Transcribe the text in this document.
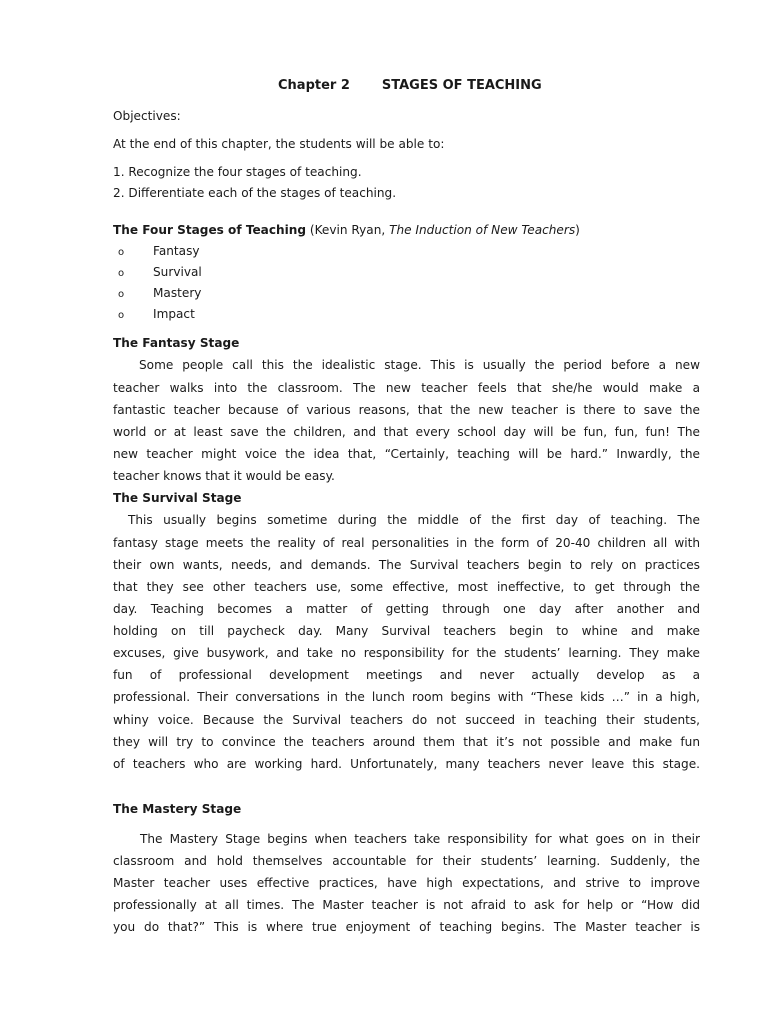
Chapter 2 STAGES OF TEACHING
Objectives:
At the end of this chapter, the students will be able to:
1. Recognize the four stages of teaching.
2. Differentiate each of the stages of teaching.
The Four Stages of Teaching (Kevin Ryan, The Induction of New Teachers)
o Fantasy
o Survival
o Mastery
o Impact
The Fantasy Stage
Some people call this the idealistic stage. This is usually the period before a new
teacher walks into the classroom. The new teacher feels that she/he would make a
fantastic teacher because of various reasons, that the new teacher is there to save the
world or at least save the children, and that every school day will be fun, fun, fun! The
new teacher might voice the idea that, “Certainly, teaching will be hard.” Inwardly, the
teacher knows that it would be easy.
The Survival Stage
This usually begins sometime during the middle of the first day of teaching. The
fantasy stage meets the reality of real personalities in the form of 20-40 children all with
their own wants, needs, and demands. The Survival teachers begin to rely on practices
that they see other teachers use, some effective, most ineffective, to get through the
day. Teaching becomes a matter of getting through one day after another and
holding on till paycheck day. Many Survival teachers begin to whine and make
excuses, give busywork, and take no responsibility for the students’ learning. They make
fun of professional development meetings and never actually develop as a
professional. Their conversations in the lunch room begins with “These kids …” in a high,
whiny voice. Because the Survival teachers do not succeed in teaching their students,
they will try to convince the teachers around them that it’s not possible and make fun
of teachers who are working hard. Unfortunately, many teachers never leave this stage.
The Mastery Stage
The Mastery Stage begins when teachers take responsibility for what goes on in their
classroom and hold themselves accountable for their students’ learning. Suddenly, the
Master teacher uses effective practices, have high expectations, and strive to improve
professionally at all times. The Master teacher is not afraid to ask for help or “How did
you do that?” This is where true enjoyment of teaching begins. The Master teacher is
